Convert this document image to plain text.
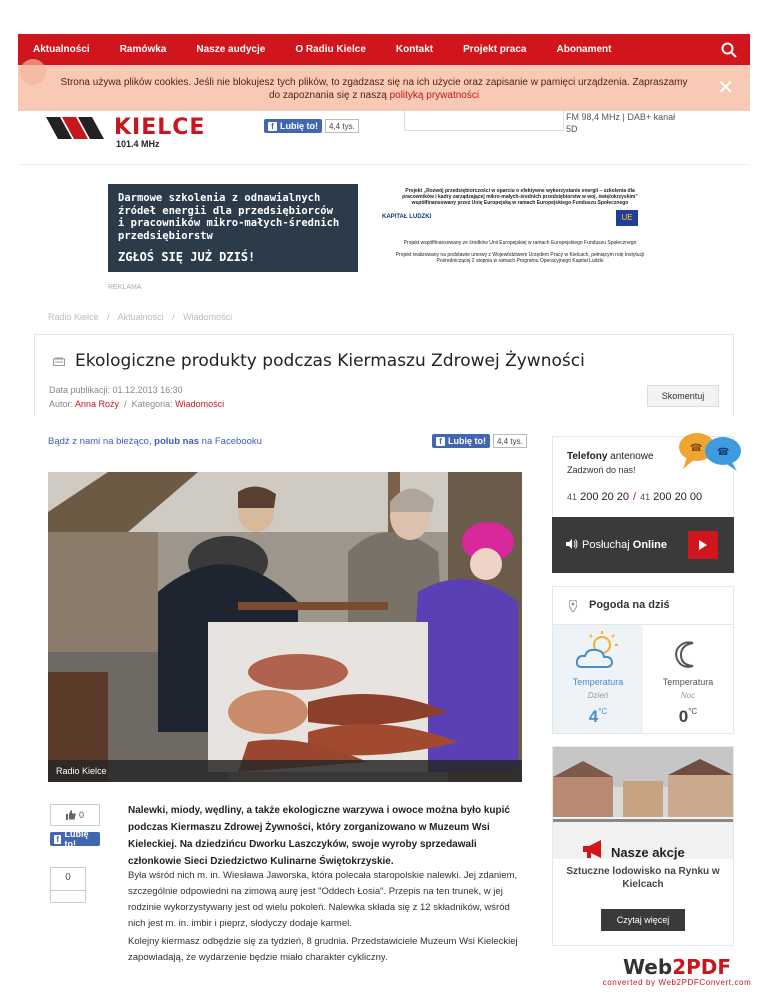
Aktualności	Ramówka	Nasze audycje	O Radiu Kielce	Kontakt	Projekt praca	Abonament
KIELCE
101.4 MHz
f Lubię to!	4,4 tys.
FM 98,4 MHz | DAB+ kanał
5D
Strona używa plików cookies. Jeśli nie blokujesz tych plików, to zgadzasz się na ich użycie oraz zapisanie w pamięci urządzenia. Zapraszamy do zapoznania się z naszą polityką prywatności	✕
Darmowe szkolenia z odnawialnych
źródeł energii dla przedsiębiorców
i pracowników mikro-małych-średnich
przedsiębiorstw
ZGŁOŚ SIĘ JUŻ DZIŚ!
Projekt „Rozwój przedsiębiorczości w oparciu o efektywne wykorzystanie energii – szkolenia dla pracowników i kadry zarządzającej mikro-małych-średnich przedsiębiorstw w woj. świętokrzyskim” współfinansowany przez Unię Europejską w ramach Europejskiego Funduszu Społecznego
KAPITAŁ LUDZKI	UE
Projekt współfinansowany ze środków Unii Europejskiej w ramach Europejskiego Funduszu Społecznego
Projekt realizowany na podstawie umowy z Województwem Urzędem Pracy w Kielcach, pełniącym rolę Instytucji Pośredniczącej 2 stopnia w ramach Programu Operacyjnego Kapitał Ludzki
REKLAMA
Radio Kielce / Aktualności / Wiadomości
Ekologiczne produkty podczas Kiermaszu Zdrowej Żywności
Data publikacji: 01.12.2013 16:30
Autor: Anna Roży / Kategoria: Wiadomości
Skomentuj
Bądź z nami na bieżąco, polub nas na Facebooku	f Lubię to!	4,4 tys.
Radio Kielce
0
f Lubię to!
0
Nalewki, miody, wędliny, a także ekologiczne warzywa i owoce można było kupić podczas Kiermaszu Zdrowej Żywności, który zorganizowano w Muzeum Wsi Kieleckiej. Na dziedzińcu Dworku Laszczyków, swoje wyroby sprzedawali członkowie Sieci Dziedzictwo Kulinarne Świętokrzyskie.
Była wśród nich m. in. Wiesława Jaworska, która polecała staropolskie nalewki. Jej zdaniem, szczególnie odpowiedni na zimową aurę jest "Oddech Łosia". Przepis na ten trunek, w jej rodzinie wykorzystywany jest od wielu pokoleń. Nalewka składa się z 12 składników, wśród nich jest m. in. imbir i pieprz, słodyczy dodaje karmel.
Kolejny kiermasz odbędzie się za tydzień, 8 grudnia. Przedstawiciele Muzeum Wsi Kieleckiej zapowiadają, że wydarzenie będzie miało charakter cykliczny.
☎ ☎
Telefony antenowe
Zadzwoń do nas!
41 200 20 20 / 41 200 20 00
Posłuchaj Online
Pogoda na dziś
Temperatura
Dzień
$4^{^\circ C}$
Temperatura
Noc
$0^{^\circ C}$
Nasze akcje
Sztuczne lodowisko na Rynku w Kielcach
Czytaj więcej
Web2PDF
converted by Web2PDFConvert.com
